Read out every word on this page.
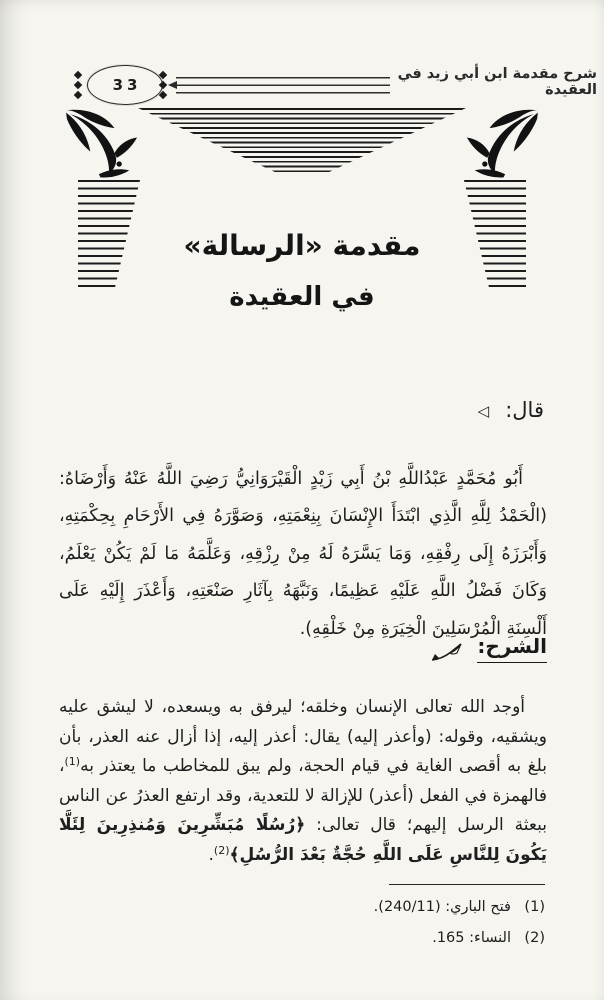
شرح مقدمة ابن أبي زيد في العقيدة
33
مقدمة «الرسالة»
في العقيدة
قال:
◁

أَبُو مُحَمَّدٍ عَبْدُاللَّهِ بْنُ أَبِي زَيْدٍ الْقَيْرَوَانِيُّ رَضِيَ اللَّهُ عَنْهُ وَأَرْضَاهُ: (الْحَمْدُ لِلَّهِ الَّذِي ابْتَدَأَ الإِنْسَانَ بِنِعْمَتِهِ، وَصَوَّرَهُ فِي الأَرْحَامِ بِحِكْمَتِهِ، وَأَبْرَزَهُ إِلَى رِفْقِهِ، وَمَا يَسَّرَهُ لَهُ مِنْ رِزْقِهِ، وَعَلَّمَهُ مَا لَمْ يَكُنْ يَعْلَمُ، وَكَانَ فَضْلُ اللَّهِ عَلَيْهِ عَظِيمًا، وَنَبَّهَهُ بِآثَارِ صَنْعَتِهِ، وَأَعْذَرَ إِلَيْهِ عَلَى أَلْسِنَةِ الْمُرْسَلِينَ الْخِيَرَةِ مِنْ خَلْقِهِ).

الشرح:

أوجد الله تعالى الإنسان وخلقه؛ ليرفق به ويسعده، لا ليشق عليه ويشقيه، وقوله: (وأعذر إليه) يقال: أعذر إليه، إذا أزال عنه العذر، بأن بلغ به أقصى الغاية في قيام الحجة، ولم يبق للمخاطب ما يعتذر به$^{(1)}$، فالهمزة في الفعل (أعذر) للإزالة لا للتعدية، وقد ارتفع العذرُ عن الناس ببعثة الرسل إليهم؛ قال تعالى: ﴿رُسُلًا مُبَشِّرِينَ وَمُنذِرِينَ لِئَلَّا يَكُونَ لِلنَّاسِ عَلَى اللَّهِ حُجَّةٌ بَعْدَ الرُّسُلِ﴾$^{(2)}$.

(1)
فتح الباري: (240/11).
(2)
النساء: 165.
